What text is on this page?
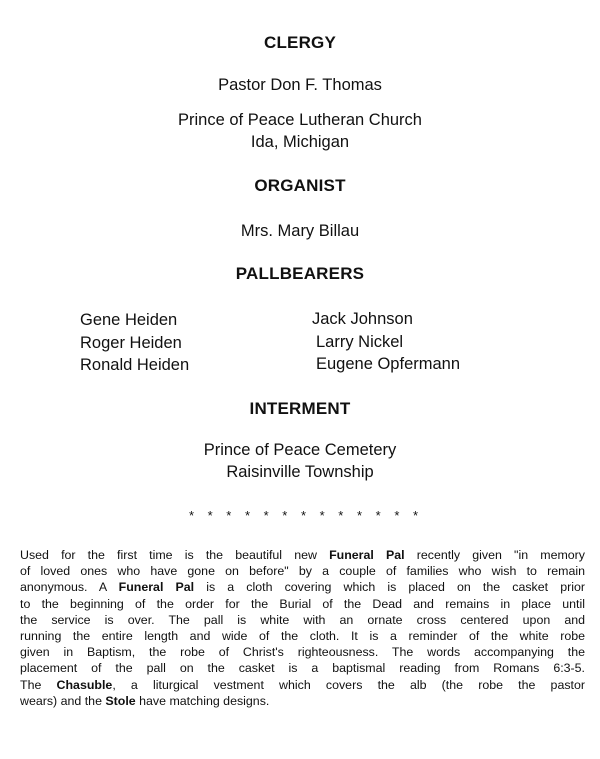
CLERGY
Pastor Don F. Thomas
Prince of Peace Lutheran Church
Ida, Michigan
ORGANIST
Mrs. Mary Billau
PALLBEARERS
Gene Heiden
Roger Heiden
Ronald Heiden
Jack Johnson
Larry Nickel
Eugene Opfermann
INTERMENT
Prince of Peace Cemetery
Raisinville Township
* * * * * * * * * * * * *
Used for the first time is the beautiful new Funeral Pal recently given "in memory
of loved ones who have gone on before" by a couple of families who wish to remain
anonymous. A Funeral Pal is a cloth covering which is placed on the casket prior
to the beginning of the order for the Burial of the Dead and remains in place until
the service is over. The pall is white with an ornate cross centered upon and
running the entire length and wide of the cloth. It is a reminder of the white robe
given in Baptism, the robe of Christ's righteousness. The words accompanying the
placement of the pall on the casket is a baptismal reading from Romans 6:3-5.
The Chasuble, a liturgical vestment which covers the alb (the robe the pastor
wears) and the Stole have matching designs.
